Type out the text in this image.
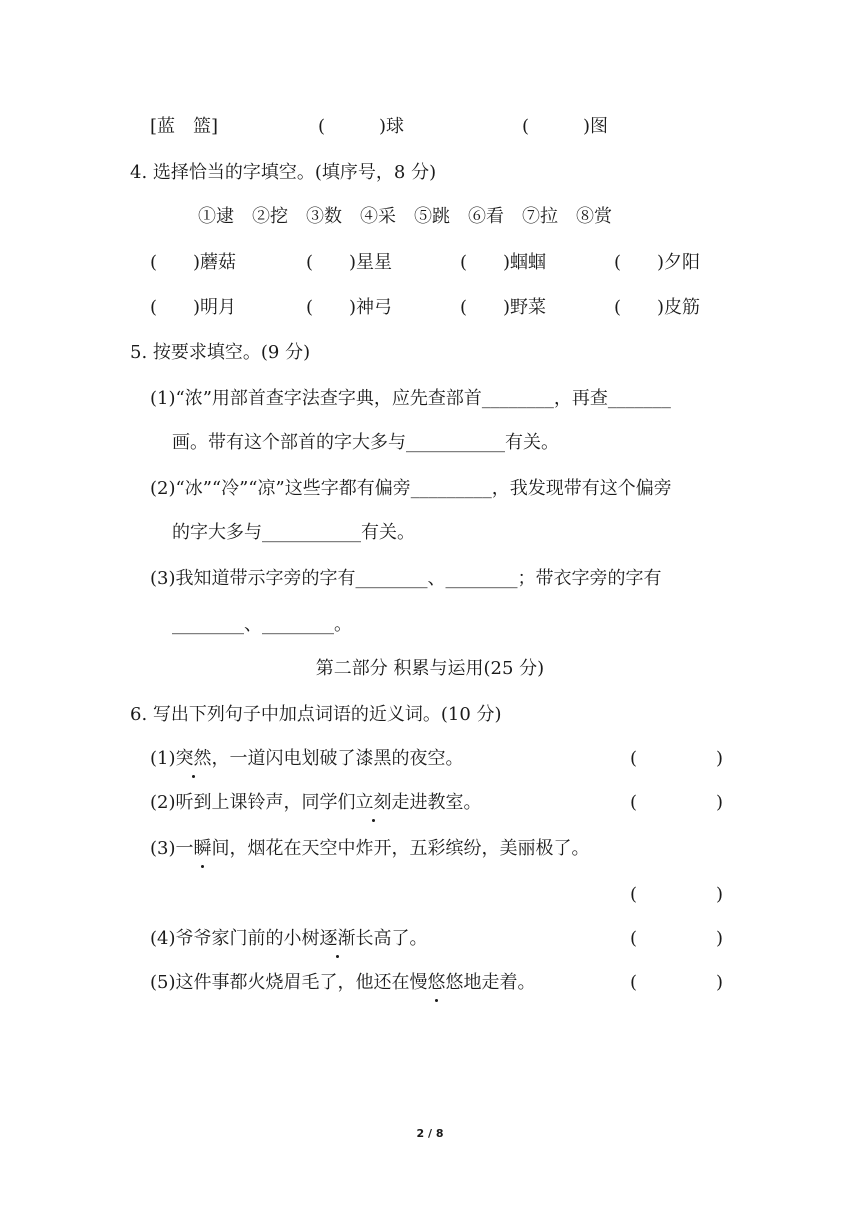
[蓝　篮]	(　　　)球	(　　　)图
4. 选择恰当的字填空。(填序号，8 分)
①逮　②挖　③数　④采　⑤跳　⑥看　⑦拉　⑧赏
(　　)蘑菇	(　　)星星	(　　)蝈蝈	(　　)夕阳
(　　)明月	(　　)神弓	(　　)野菜	(　　)皮筋
5. 按要求填空。(9 分)
(1)“浓”用部首查字法查字典，应先查部首________，再查_______
画。带有这个部首的字大多与___________有关。
(2)“冰”“冷”“凉”这些字都有偏旁_________，我发现带有这个偏旁
的字大多与___________有关。
(3)我知道带示字旁的字有________、________；带衣字旁的字有
________、________。
第二部分 积累与运用(25 分)
6. 写出下列句子中加点词语的近义词。(10 分)
(1)突然，一道闪电划破了漆黑的夜空。	(	)
(2)听到上课铃声，同学们立刻走进教室。	(	)
(3)一瞬间，烟花在天空中炸开，五彩缤纷，美丽极了。
(	)
(4)爷爷家门前的小树逐渐长高了。	(	)
(5)这件事都火烧眉毛了，他还在慢悠悠地走着。	(	)
2 / 8
